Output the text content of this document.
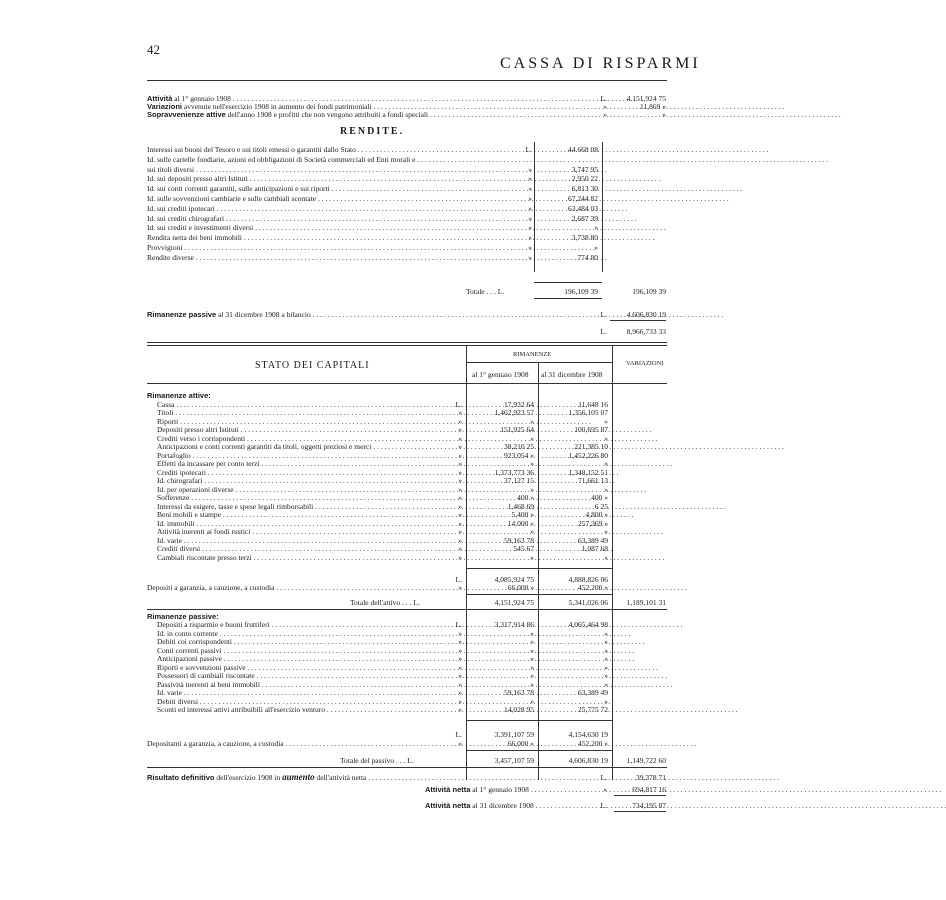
42
CASSA DI RISPARMI
Attività al 1° gennaio 1908 . . .	L.	4.151,924 75
Variazioni avvenute nell'esercizio 1908 in aumento dei fondi patrimoniali . . .	»	11,869 »
Sopravvenienze attive dell'anno 1908 e profitti che non vengono attribuiti a fondi speciali . . .	»	»
RENDITE.
Interessi sui buoni del Tesoro e sui titoli emessi o garantiti dallo Stato . . .	L.	44.668 08
Id. sulle cartelle fondiarie, azioni ed obbligazioni di Società commerciali ed Enti morali e . . .
sui titoli diversi . . .	»	3,747 95
Id. sui depositi presso altri Istituti . . .	»	2,950 22
Id. sui conti correnti garantiti, sulle anticipazioni e sui riporti . . .	»	6,813 30
Id. sulle sovvenzioni cambiarie e sulle cambiali scontate . . .	»	67,244 82
Id. sui crediti ipotecari . . .	»	63,484 03
Id. sui crediti chirografari . . .	»	2,687 39
Id. sui crediti e investimenti diversi . . .	»	»
Rendita netta dei beni immobili . . .	»	3,738 80
Provvigioni . . .	»	»
Rendite diverse . . .	»	774 80
Totale . . . L.	196,109 39	196,109 39
Rimanenze passive al 31 dicembre 1908 a bilancio . . .	L.	4.606,830 19
L.	8,966,733 33
STATO DEI CAPITALI
RIMANENZE
al 1° gennaio 1908 al 31 dicembre 1908
VARIAZIONI
Rimanenze attive:
Cassa . . .	L.	17,932 64	11,648 16
Titoli . . .	»	1,462,923 57	1,356,105 07
Riporti . . .	»	»	»
Depositi presso altri Istituti . . .	»	151,925 64	100,695 87
Crediti verso i corrispondenti . . .	»	»	»
Anticipazioni e conti correnti garantiti da titoli, oggetti preziosi e merci . . .	»	38,210 25	221,385 10
Portafoglio . . .	»	923,054 »	1,452,226 80
Effetti da incassare per conto terzi . . .	»	»	»
Crediti ipotecari . . .	»	1,373,773 36	1,348,152 51
Id. chirografari . . .	»	37,127 15	71,661 13
Id. per operazioni diverse . . .	»	»	»
Sofferenze . . .	»	400 »	400 »
Interessi da esigere, tasse e spese legali rimborsabili . . .	»	1,468 69	6 25
Beni mobili e stampe . . .	»	5,400 »	4,800 »
Id. immobili . . .	»	14,000 »	257,369 »
Attività inerenti ai fondi rustici . . .	»	»	»
Id. varie . . .	»	59,163 78	63,389 49
Crediti diversi . . .	»	545 67	1,087 68
Cambiali riscontate presso terzi . . .	»	»	»
L.	4,085,924 75	4,888,826 06
Depositi a garanzia, a cauzione, a custodia . . .	»	66,000 »	452,200 »
Totale dell'attivo . . . L.	4,151,924 75	5,341,026 06	1,189,101 31
Rimanenze passive:
Depositi a risparmio e buoni fruttiferi . . .	L.	3,317,914 86	4,065,464 98
Id. in conto corrente . . .	»	»	»
Debiti coi corrispondenti . . .	»	»	»
Conti correnti passivi . . .	»	»	»
Anticipazioni passive . . .	»	»	»
Riporti e sovvenzioni passive . . .	»	»	»
Possessori di cambiali riscontate . . .	»	»	»
Passività inerenti ai beni immobili . . .	»	»	»
Id. varie . . .	»	59,163 78	63,389 49
Debiti diversi . . .	»	»	»
Sconti ed interessi attivi attribuibili all'esercizio venturo . . .	»	14,028 95	25,775 72
L.	3,391,107 59	4,154,630 19
Depositanti a garanzia, a cauzione, a custodia . . .	»	66,000 »	452,200 »
Totale del passivo . . . L.	3,457,107 59	4,606,830 19	1,149,722 60
Risultato definitivo dell'esercizio 1908 in aumento dell'attività netta . . .	L.	39,378 71
Attività netta al 1° gennaio 1908 . . .	»	694,817 16
Attività netta al 31 dicembre 1908 . . .	L.	734,195 87
